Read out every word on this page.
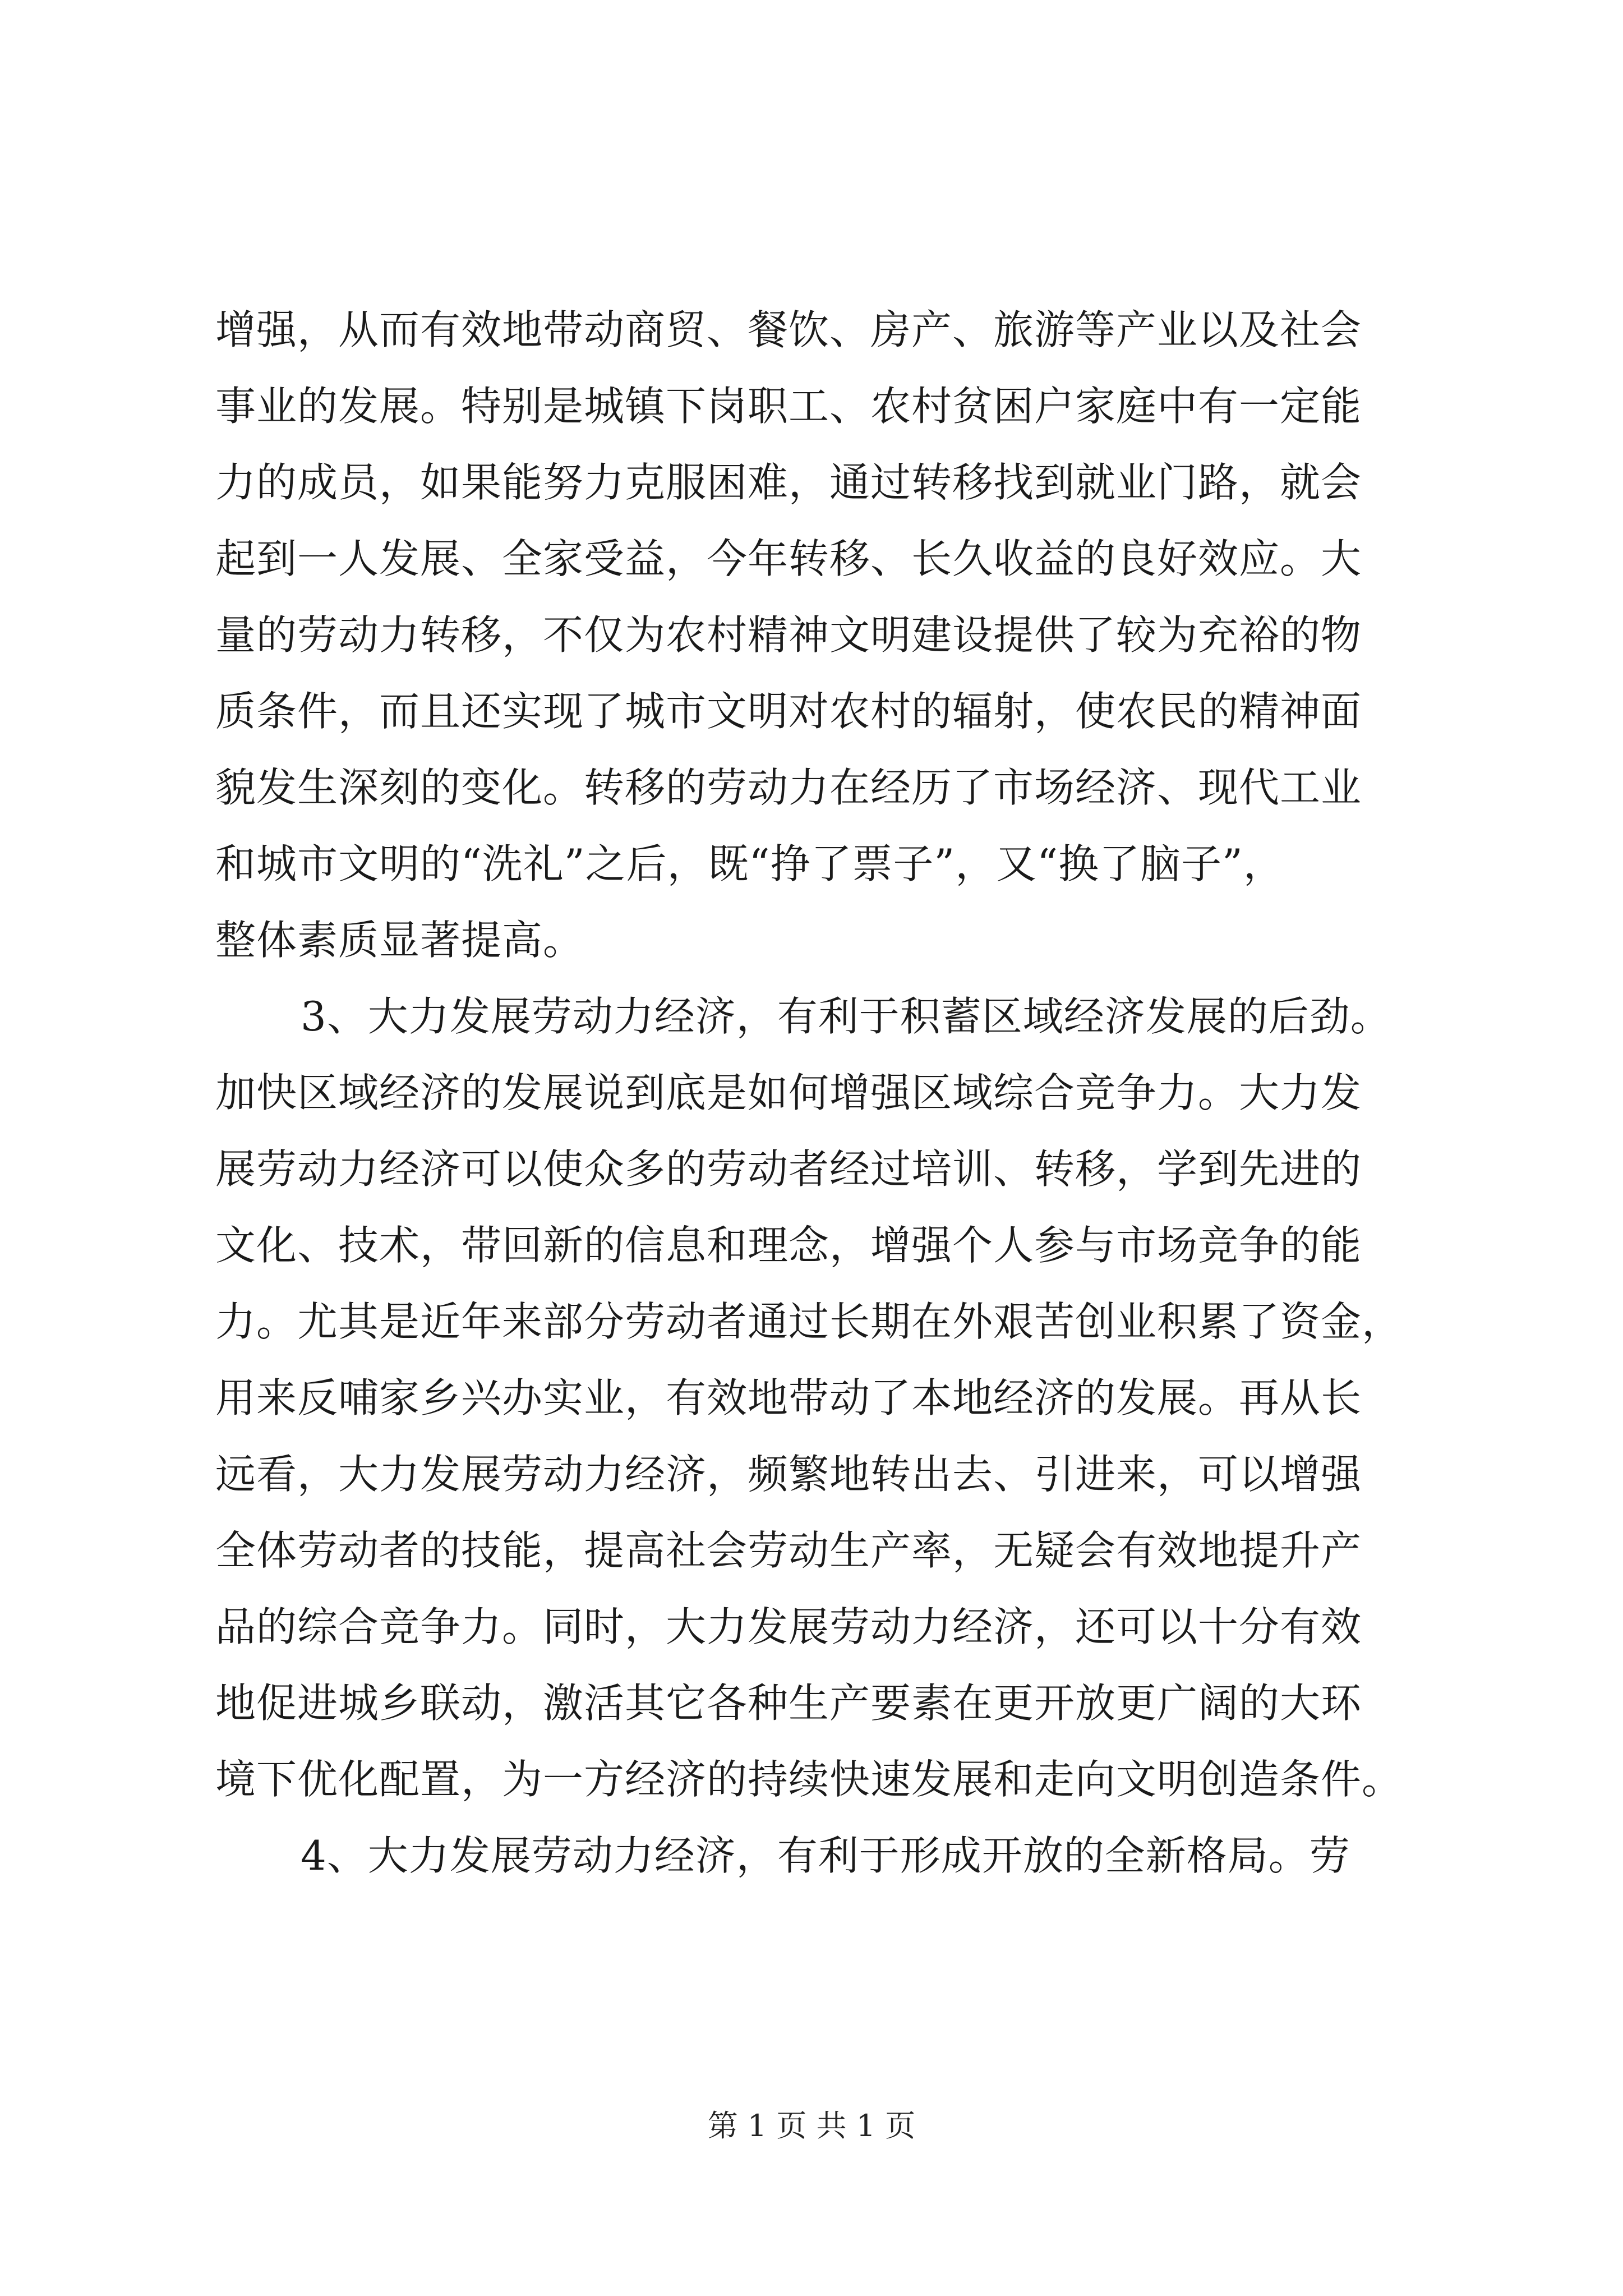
增强，从而有效地带动商贸、餐饮、房产、旅游等产业以及社会
事业的发展。特别是城镇下岗职工、农村贫困户家庭中有一定能
力的成员，如果能努力克服困难，通过转移找到就业门路，就会
起到一人发展、全家受益，今年转移、长久收益的良好效应。大
量的劳动力转移，不仅为农村精神文明建设提供了较为充裕的物
质条件，而且还实现了城市文明对农村的辐射，使农民的精神面
貌发生深刻的变化。转移的劳动力在经历了市场经济、现代工业
和城市文明的“洗礼”之后，既“挣了票子”，又“换了脑子”，
整体素质显著提高。
3、大力发展劳动力经济，有利于积蓄区域经济发展的后劲。
加快区域经济的发展说到底是如何增强区域综合竞争力。大力发
展劳动力经济可以使众多的劳动者经过培训、转移，学到先进的
文化、技术，带回新的信息和理念，增强个人参与市场竞争的能
力。尤其是近年来部分劳动者通过长期在外艰苦创业积累了资金，
用来反哺家乡兴办实业，有效地带动了本地经济的发展。再从长
远看，大力发展劳动力经济，频繁地转出去、引进来，可以增强
全体劳动者的技能，提高社会劳动生产率，无疑会有效地提升产
品的综合竞争力。同时，大力发展劳动力经济，还可以十分有效
地促进城乡联动，激活其它各种生产要素在更开放更广阔的大环
境下优化配置，为一方经济的持续快速发展和走向文明创造条件。
4、大力发展劳动力经济，有利于形成开放的全新格局。劳
第 1 页 共 1 页
